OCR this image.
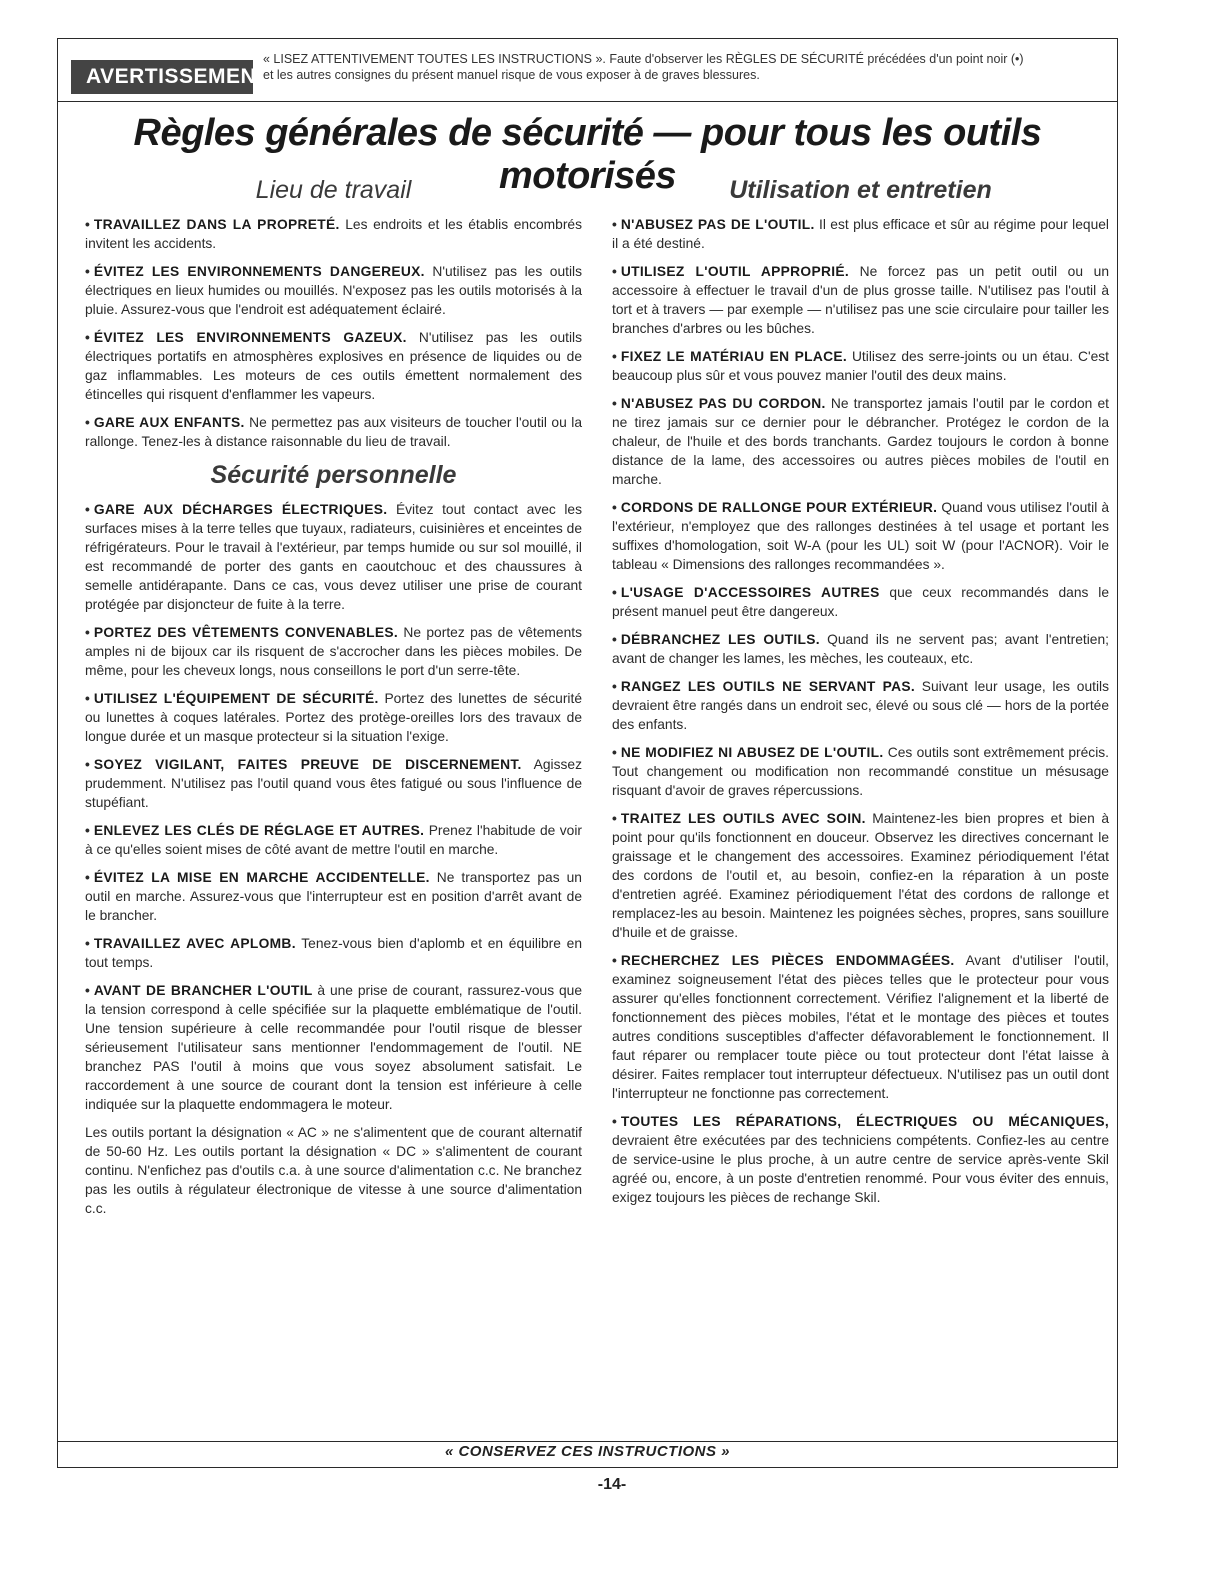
AVERTISSEMENT
« LISEZ ATTENTIVEMENT TOUTES LES INSTRUCTIONS ». Faute d'observer les RÈGLES DE SÉCURITÉ précédées d'un point noir (•)
et les autres consignes du présent manuel risque de vous exposer à de graves blessures.
Règles générales de sécurité — pour tous les outils motorisés
Lieu de travail
• TRAVAILLEZ DANS LA PROPRETÉ. Les endroits et les établis encombrés invitent les accidents.
• ÉVITEZ LES ENVIRONNEMENTS DANGEREUX. N'utilisez pas les outils électriques en lieux humides ou mouillés. N'exposez pas les outils motorisés à la pluie. Assurez-vous que l'endroit est adéquatement éclairé.
• ÉVITEZ LES ENVIRONNEMENTS GAZEUX. N'utilisez pas les outils électriques portatifs en atmosphères explosives en présence de liquides ou de gaz inflammables. Les moteurs de ces outils émettent normalement des étincelles qui risquent d'enflammer les vapeurs.
• GARE AUX ENFANTS. Ne permettez pas aux visiteurs de toucher l'outil ou la rallonge. Tenez-les à distance raisonnable du lieu de travail.
Sécurité personnelle
• GARE AUX DÉCHARGES ÉLECTRIQUES. Évitez tout contact avec les surfaces mises à la terre telles que tuyaux, radiateurs, cuisinières et enceintes de réfrigérateurs. Pour le travail à l'extérieur, par temps humide ou sur sol mouillé, il est recommandé de porter des gants en caoutchouc et des chaussures à semelle antidérapante. Dans ce cas, vous devez utiliser une prise de courant protégée par disjoncteur de fuite à la terre.
• PORTEZ DES VÊTEMENTS CONVENABLES. Ne portez pas de vêtements amples ni de bijoux car ils risquent de s'accrocher dans les pièces mobiles. De même, pour les cheveux longs, nous conseillons le port d'un serre-tête.
• UTILISEZ L'ÉQUIPEMENT DE SÉCURITÉ. Portez des lunettes de sécurité ou lunettes à coques latérales. Portez des protège-oreilles lors des travaux de longue durée et un masque protecteur si la situation l'exige.
• SOYEZ VIGILANT, FAITES PREUVE DE DISCERNEMENT. Agissez prudemment. N'utilisez pas l'outil quand vous êtes fatigué ou sous l'influence de stupéfiant.
• ENLEVEZ LES CLÉS DE RÉGLAGE ET AUTRES. Prenez l'habitude de voir à ce qu'elles soient mises de côté avant de mettre l'outil en marche.
• ÉVITEZ LA MISE EN MARCHE ACCIDENTELLE. Ne transportez pas un outil en marche. Assurez-vous que l'interrupteur est en position d'arrêt avant de le brancher.
• TRAVAILLEZ AVEC APLOMB. Tenez-vous bien d'aplomb et en équilibre en tout temps.
• AVANT DE BRANCHER L'OUTIL à une prise de courant, rassurez-vous que la tension correspond à celle spécifiée sur la plaquette emblématique de l'outil. Une tension supérieure à celle recommandée pour l'outil risque de blesser sérieusement l'utilisateur sans mentionner l'endommagement de l'outil. NE branchez PAS l'outil à moins que vous soyez absolument satisfait. Le raccordement à une source de courant dont la tension est inférieure à celle indiquée sur la plaquette endommagera le moteur.
Les outils portant la désignation « AC » ne s'alimentent que de courant alternatif de 50-60 Hz. Les outils portant la désignation « DC » s'alimentent de courant continu. N'enfichez pas d'outils c.a. à une source d'alimentation c.c. Ne branchez pas les outils à régulateur électronique de vitesse à une source d'alimentation c.c.
Utilisation et entretien
• N'ABUSEZ PAS DE L'OUTIL. Il est plus efficace et sûr au régime pour lequel il a été destiné.
• UTILISEZ L'OUTIL APPROPRIÉ. Ne forcez pas un petit outil ou un accessoire à effectuer le travail d'un de plus grosse taille. N'utilisez pas l'outil à tort et à travers — par exemple — n'utilisez pas une scie circulaire pour tailler les branches d'arbres ou les bûches.
• FIXEZ LE MATÉRIAU EN PLACE. Utilisez des serre-joints ou un étau. C'est beaucoup plus sûr et vous pouvez manier l'outil des deux mains.
• N'ABUSEZ PAS DU CORDON. Ne transportez jamais l'outil par le cordon et ne tirez jamais sur ce dernier pour le débrancher. Protégez le cordon de la chaleur, de l'huile et des bords tranchants. Gardez toujours le cordon à bonne distance de la lame, des accessoires ou autres pièces mobiles de l'outil en marche.
• CORDONS DE RALLONGE POUR EXTÉRIEUR. Quand vous utilisez l'outil à l'extérieur, n'employez que des rallonges destinées à tel usage et portant les suffixes d'homologation, soit W-A (pour les UL) soit W (pour l'ACNOR). Voir le tableau « Dimensions des rallonges recommandées ».
• L'USAGE D'ACCESSOIRES AUTRES que ceux recommandés dans le présent manuel peut être dangereux.
• DÉBRANCHEZ LES OUTILS. Quand ils ne servent pas; avant l'entretien; avant de changer les lames, les mèches, les couteaux, etc.
• RANGEZ LES OUTILS NE SERVANT PAS. Suivant leur usage, les outils devraient être rangés dans un endroit sec, élevé ou sous clé — hors de la portée des enfants.
• NE MODIFIEZ NI ABUSEZ DE L'OUTIL. Ces outils sont extrêmement précis. Tout changement ou modification non recommandé constitue un mésusage risquant d'avoir de graves répercussions.
• TRAITEZ LES OUTILS AVEC SOIN. Maintenez-les bien propres et bien à point pour qu'ils fonctionnent en douceur. Observez les directives concernant le graissage et le changement des accessoires. Examinez périodiquement l'état des cordons de l'outil et, au besoin, confiez-en la réparation à un poste d'entretien agréé. Examinez périodiquement l'état des cordons de rallonge et remplacez-les au besoin. Maintenez les poignées sèches, propres, sans souillure d'huile et de graisse.
• RECHERCHEZ LES PIÈCES ENDOMMAGÉES. Avant d'utiliser l'outil, examinez soigneusement l'état des pièces telles que le protecteur pour vous assurer qu'elles fonctionnent correctement. Vérifiez l'alignement et la liberté de fonctionnement des pièces mobiles, l'état et le montage des pièces et toutes autres conditions susceptibles d'affecter défavorablement le fonctionnement. Il faut réparer ou remplacer toute pièce ou tout protecteur dont l'état laisse à désirer. Faites remplacer tout interrupteur défectueux. N'utilisez pas un outil dont l'interrupteur ne fonctionne pas correctement.
• TOUTES LES RÉPARATIONS, ÉLECTRIQUES OU MÉCANIQUES, devraient être exécutées par des techniciens compétents. Confiez-les au centre de service-usine le plus proche, à un autre centre de service après-vente Skil agréé ou, encore, à un poste d'entretien renommé. Pour vous éviter des ennuis, exigez toujours les pièces de rechange Skil.
« CONSERVEZ CES INSTRUCTIONS »
-14-
